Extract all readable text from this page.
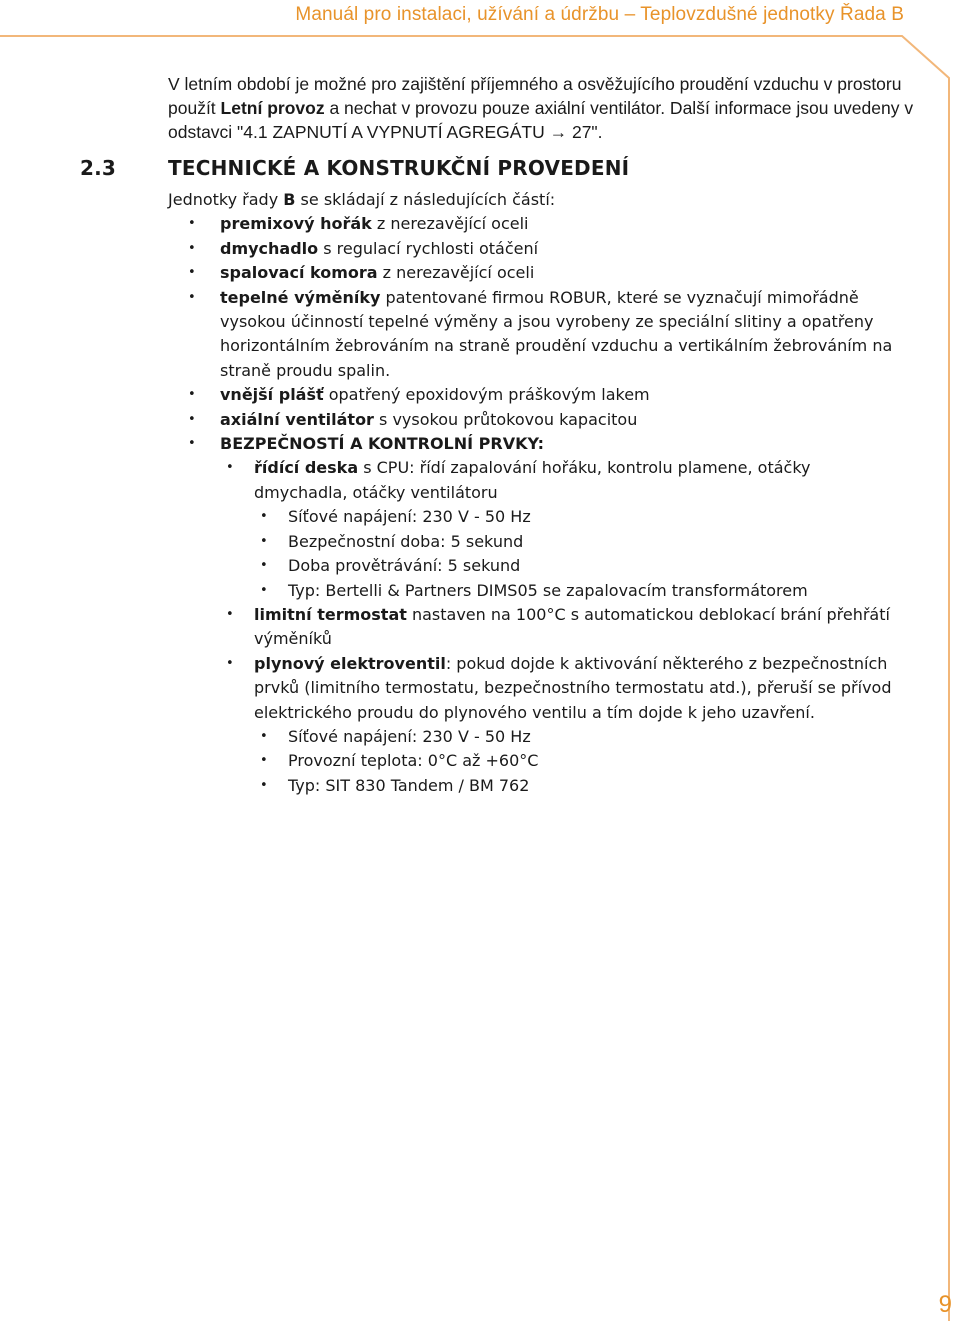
Manuál pro instalaci, užívání a údržbu – Teplovzdušné jednotky Řada B

V letním období je možné pro zajištění příjemného a osvěžujícího proudění vzduchu v prostoru použít Letní provoz a nechat v provozu pouze axiální ventilátor. Další informace jsou uvedeny v odstavci "4.1 ZAPNUTÍ A VYPNUTÍ AGREGÁTU → 27".

2.3	TECHNICKÉ A KONSTRUKČNÍ PROVEDENÍ

Jednotky řady B se skládají z následujících částí:

• premixový hořák z nerezavějící oceli
• dmychadlo s regulací rychlosti otáčení
• spalovací komora z nerezavějící oceli
• tepelné výměníky patentované firmou ROBUR, které se vyznačují mimořádně vysokou účinností tepelné výměny a jsou vyrobeny ze speciální slitiny a opatřeny horizontálním žebrováním na straně proudění vzduchu a vertikálním žebrováním na straně proudu spalin.
• vnější plášť opatřený epoxidovým práškovým lakem
• axiální ventilátor s vysokou průtokovou kapacitou
• BEZPEČNOSTÍ A KONTROLNÍ PRVKY:
• řídící deska s CPU: řídí zapalování hořáku, kontrolu plamene, otáčky dmychadla, otáčky ventilátoru
• Síťové napájení: 230 V - 50 Hz
• Bezpečnostní doba: 5 sekund
• Doba provětrávání: 5 sekund
• Typ: Bertelli & Partners DIMS05 se zapalovacím transformátorem
• limitní termostat nastaven na 100°C s automatickou deblokací brání přehřátí výměníků
• plynový elektroventil: pokud dojde k aktivování některého z bezpečnostních prvků (limitního termostatu, bezpečnostního termostatu atd.), přeruší se přívod elektrického proudu do plynového ventilu a tím dojde k jeho uzavření.
• Síťové napájení: 230 V - 50 Hz
• Provozní teplota: 0°C až +60°C
• Typ: SIT 830 Tandem / BM 762
9
